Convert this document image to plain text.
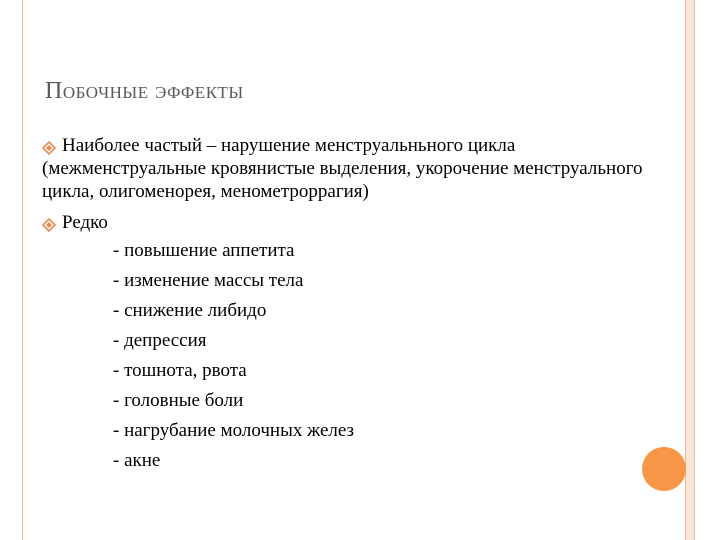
Побочные эффекты

Наиболее частый – нарушение менструальньного цикла (межменструальные кровянистые выделения, укорочение менструального цикла, олигоменорея, менометроррагия)

Редко

- повышение аппетита
- изменение массы тела
- снижение либидо
- депрессия
- тошнота, рвота
- головные боли
- нагрубание молочных желез
- акне
